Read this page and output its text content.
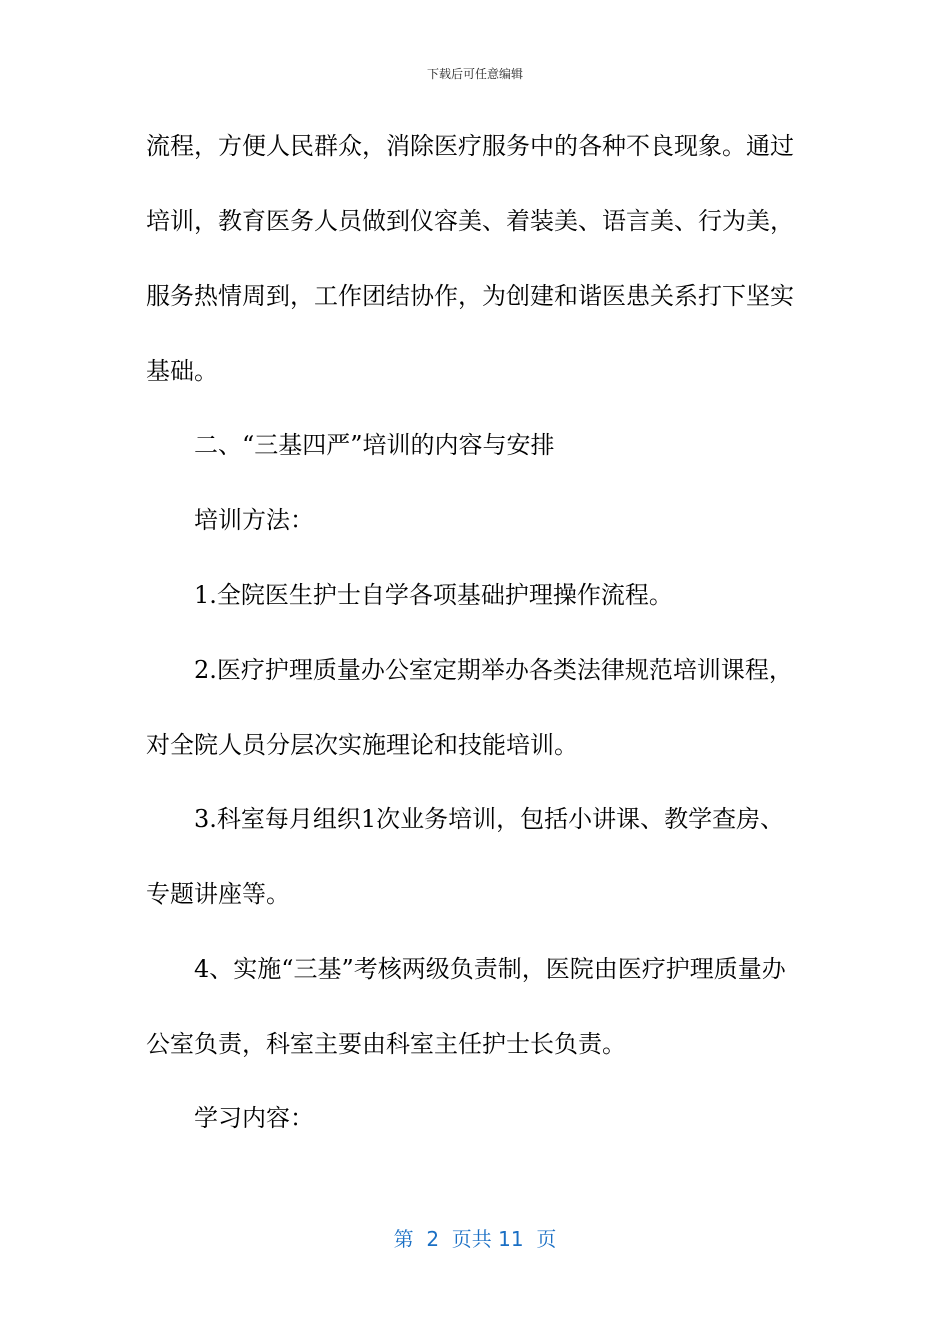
下载后可任意编辑
流程，方便人民群众，消除医疗服务中的各种不良现象。通过
培训，教育医务人员做到仪容美、着装美、语言美、行为美，
服务热情周到，工作团结协作，为创建和谐医患关系打下坚实
基础。
二、“三基四严”培训的内容与安排
培训方法：
1.全院医生护士自学各项基础护理操作流程。
2.医疗护理质量办公室定期举办各类法律规范培训课程，
对全院人员分层次实施理论和技能培训。
3.科室每月组织1次业务培训，包括小讲课、教学查房、
专题讲座等。
4、实施“三基”考核两级负责制，医院由医疗护理质量办
公室负责，科室主要由科室主任护士长负责。
学习内容：
第  2  页共 11  页
